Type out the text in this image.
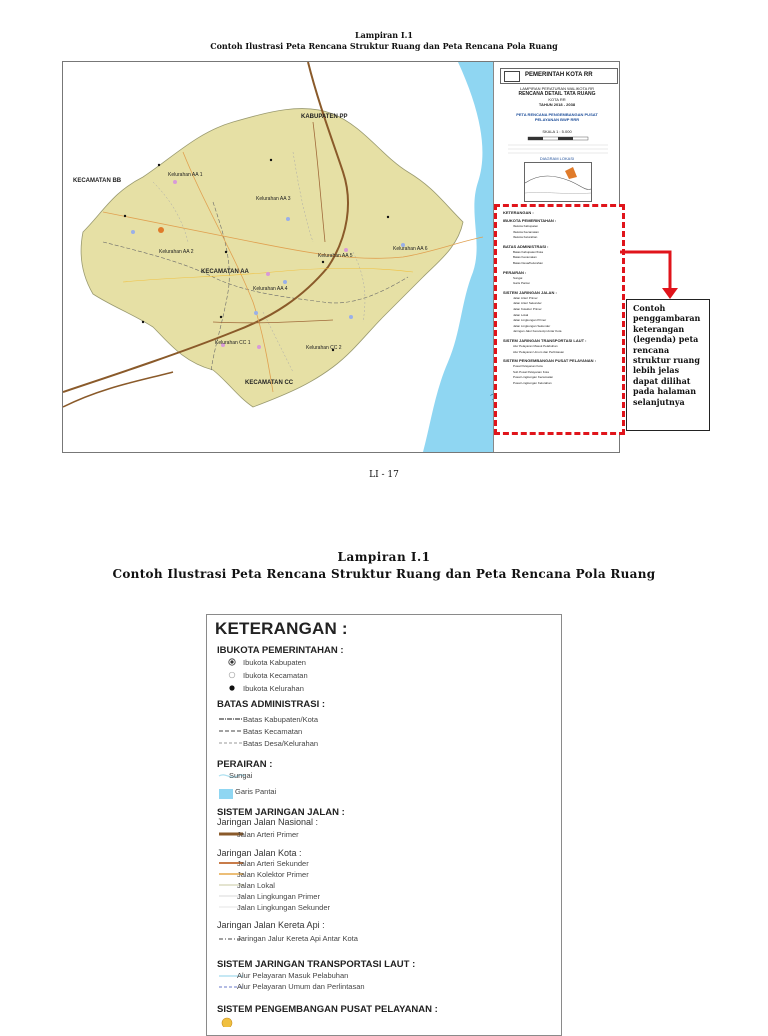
Lampiran I.1
Contoh Ilustrasi Peta Rencana Struktur Ruang dan Peta Rencana Pola Ruang
KABUPATEN PP
KECAMATAN BB
KECAMATAN AA
KECAMATAN CC
Kelurahan AA 1
Kelurahan AA 2
Kelurahan AA 3
Kelurahan AA 4
Kelurahan AA 5
Kelurahan AA 6
Kelurahan CC 1
Kelurahan CC 2
PEMERINTAH KOTA RR
LAMPIRAN PERATURAN WALIKOTA RR
RENCANA DETAIL TATA RUANG
KOTA RR
TAHUN 2018 - 2038
PETA RENCANA PENGEMBANGAN PUSAT PELAYANAN BWP RRR
SKALA 1 : 5.000
DIAGRAM LOKASI
KETERANGAN :
IBUKOTA PEMERINTAHAN :
Ibukota Kabupaten
Ibukota Kecamatan
Ibukota Kelurahan
BATAS ADMINISTRASI :
Batas Kabupaten/Kota
Batas Kecamatan
Batas Desa/Kelurahan
PERAIRAN :
Sungai
Garis Pantai
SISTEM JARINGAN JALAN :
Jalan Arteri Primer
Jalan Arteri Sekunder
Jalan Kolektor Primer
Jalan Lokal
Jalan Lingkungan Primer
Jalan Lingkungan Sekunder
Jaringan Jalur Kereta Api Antar Kota
SISTEM JARINGAN TRANSPORTASI LAUT :
Alur Pelayaran Masuk Pelabuhan
Alur Pelayaran Umum dan Perlintasan
SISTEM PENGEMBANGAN PUSAT PELAYANAN :
Pusat Pelayanan Kota
Sub Pusat Pelayanan Kota
Pusat Lingkungan Kecamatan
Pusat Lingkungan Kelurahan
Contoh penggambaran keterangan (legenda) peta rencana struktur ruang lebih jelas dapat dilihat pada halaman selanjutnya
LI - 17
Lampiran I.1
Contoh Ilustrasi Peta Rencana Struktur Ruang dan Peta Rencana Pola Ruang
KETERANGAN :
IBUKOTA PEMERINTAHAN :
Ibukota Kabupaten
Ibukota Kecamatan
Ibukota Kelurahan
BATAS ADMINISTRASI :
Batas Kabupaten/Kota
Batas Kecamatan
Batas Desa/Kelurahan
PERAIRAN :
Sungai
Garis Pantai
SISTEM JARINGAN JALAN :
Jaringan Jalan Nasional :
Jalan Arteri Primer
Jaringan Jalan Kota :
Jalan Arteri Sekunder
Jalan Kolektor Primer
Jalan Lokal
Jalan Lingkungan Primer
Jalan Lingkungan Sekunder
Jaringan Jalan Kereta Api :
Jaringan Jalur Kereta Api Antar Kota
SISTEM JARINGAN TRANSPORTASI LAUT :
Alur Pelayaran Masuk Pelabuhan
Alur Pelayaran Umum dan Perlintasan
SISTEM PENGEMBANGAN PUSAT PELAYANAN :
